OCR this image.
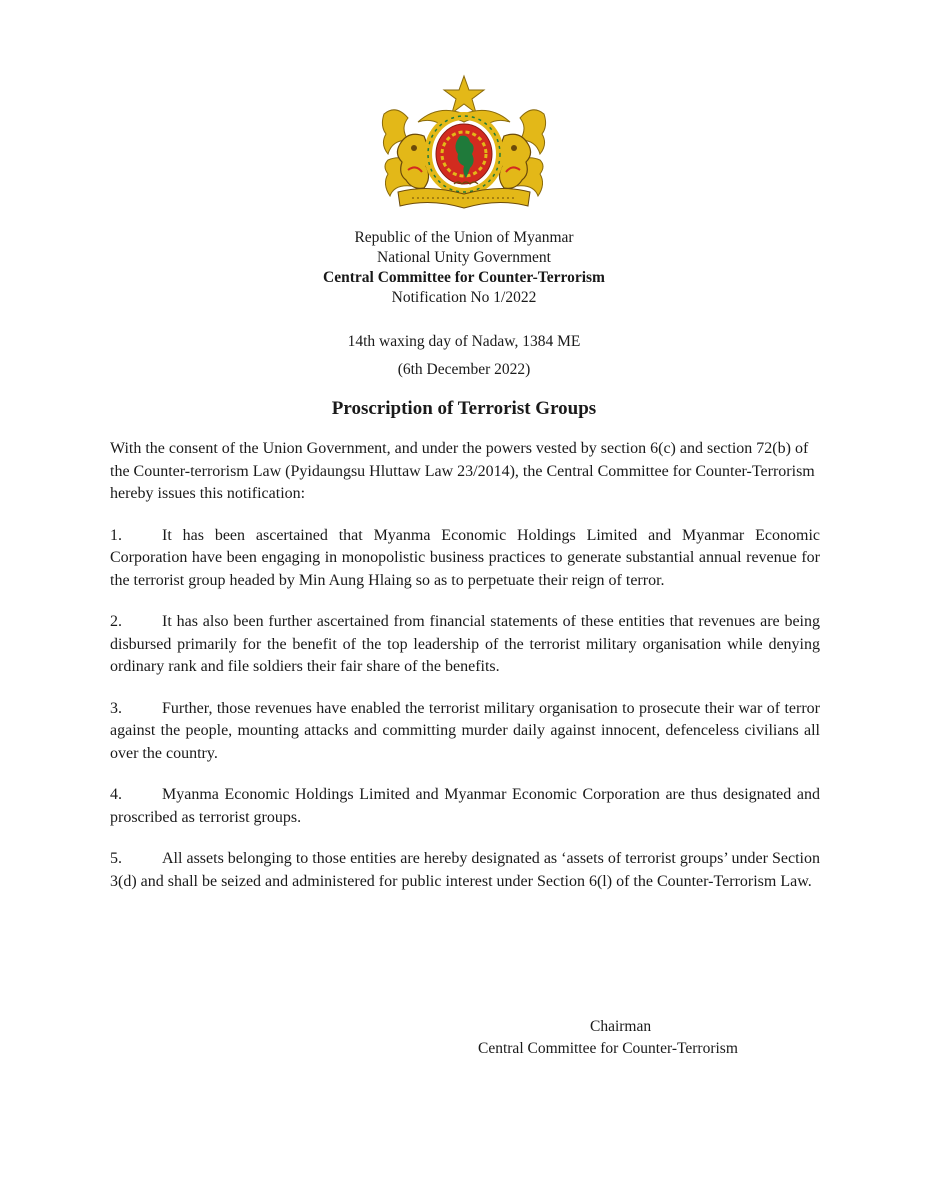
Republic of the Union of Myanmar
National Unity Government
Central Committee for Counter-Terrorism
Notification No 1/2022
14th waxing day of Nadaw, 1384 ME
(6th December 2022)
Proscription of Terrorist Groups

With the consent of the Union Government, and under the powers vested by section 6(c) and section 72(b) of the Counter-terrorism Law (Pyidaungsu Hluttaw Law 23/2014), the Central Committee for Counter-Terrorism hereby issues this notification:

1.	It has been ascertained that Myanma Economic Holdings Limited and Myanmar Economic Corporation have been engaging in monopolistic business practices to generate substantial annual revenue for the terrorist group headed by Min Aung Hlaing so as to perpetuate their reign of terror.

2.	It has also been further ascertained from financial statements of these entities that revenues are being disbursed primarily for the benefit of the top leadership of the terrorist military organisation while denying ordinary rank and file soldiers their fair share of the benefits.

3.	Further, those revenues have enabled the terrorist military organisation to prosecute their war of terror against the people, mounting attacks and committing murder daily against innocent, defenceless civilians all over the country.

4.	Myanma Economic Holdings Limited and Myanmar Economic Corporation are thus designated and proscribed as terrorist groups.

5.	All assets belonging to those entities are hereby designated as ‘assets of terrorist groups’ under Section 3(d) and shall be seized and administered for public interest under Section 6(l) of the Counter-Terrorism Law.

Chairman
Central Committee for Counter-Terrorism
